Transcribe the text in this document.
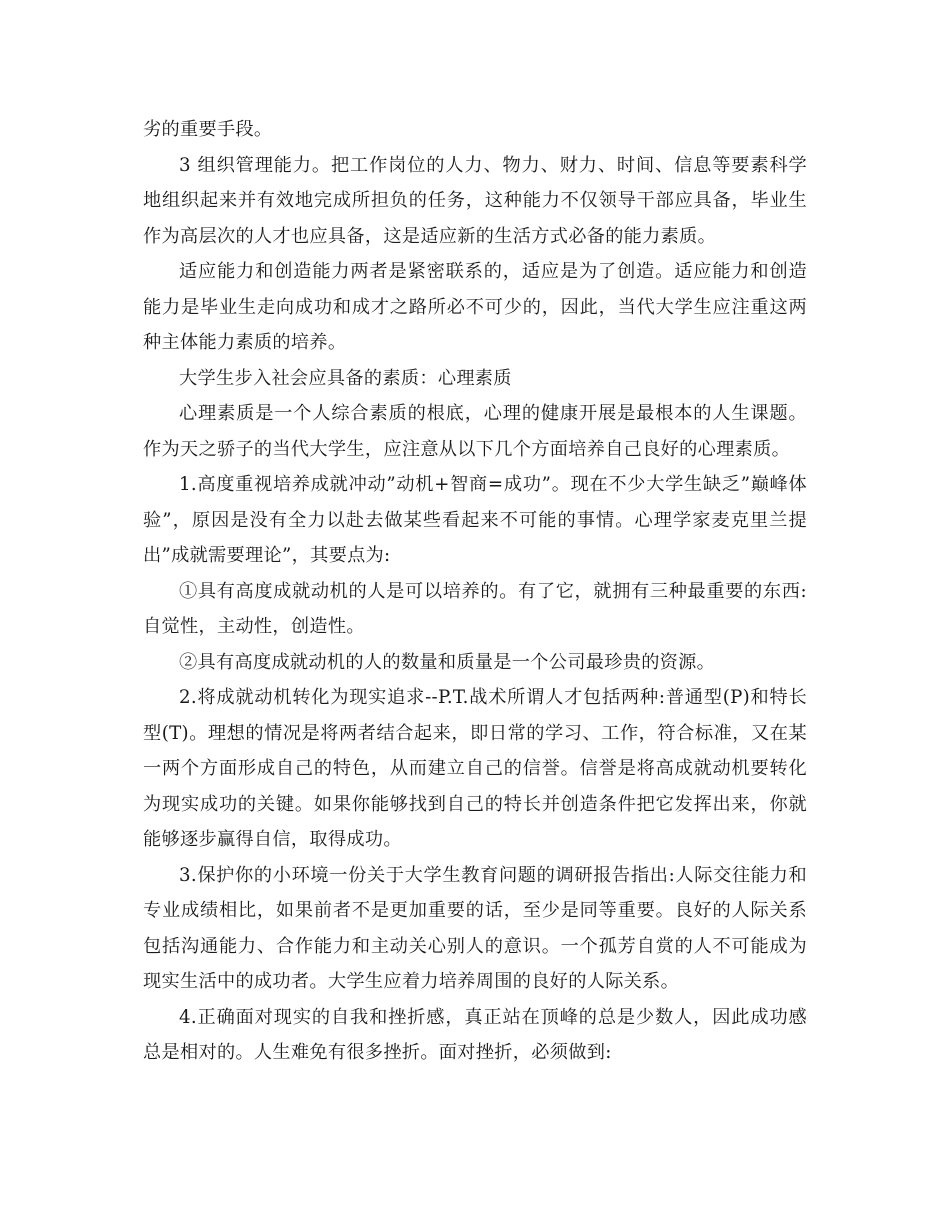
劣的重要手段。

3 组织管理能力。把工作岗位的人力、物力、财力、时间、信息等要素科学地组织起来并有效地完成所担负的任务，这种能力不仅领导干部应具备，毕业生作为高层次的人才也应具备，这是适应新的生活方式必备的能力素质。

适应能力和创造能力两者是紧密联系的，适应是为了创造。适应能力和创造能力是毕业生走向成功和成才之路所必不可少的，因此，当代大学生应注重这两种主体能力素质的培养。

大学生步入社会应具备的素质：心理素质

心理素质是一个人综合素质的根底，心理的健康开展是最根本的人生课题。作为天之骄子的当代大学生，应注意从以下几个方面培养自己良好的心理素质。

1.高度重视培养成就冲动”动机+智商=成功”。现在不少大学生缺乏”巅峰体验”，原因是没有全力以赴去做某些看起来不可能的事情。心理学家麦克里兰提出”成就需要理论”，其要点为:

①具有高度成就动机的人是可以培养的。有了它，就拥有三种最重要的东西:自觉性，主动性，创造性。

②具有高度成就动机的人的数量和质量是一个公司最珍贵的资源。

2.将成就动机转化为现实追求--P.T.战术所谓人才包括两种:普通型(P)和特长型(T)。理想的情况是将两者结合起来，即日常的学习、工作，符合标准，又在某一两个方面形成自己的特色，从而建立自己的信誉。信誉是将高成就动机要转化为现实成功的关键。如果你能够找到自己的特长并创造条件把它发挥出来，你就能够逐步赢得自信，取得成功。

3.保护你的小环境一份关于大学生教育问题的调研报告指出:人际交往能力和专业成绩相比，如果前者不是更加重要的话，至少是同等重要。良好的人际关系包括沟通能力、合作能力和主动关心别人的意识。一个孤芳自赏的人不可能成为现实生活中的成功者。大学生应着力培养周围的良好的人际关系。

4.正确面对现实的自我和挫折感，真正站在顶峰的总是少数人，因此成功感总是相对的。人生难免有很多挫折。面对挫折，必须做到:
